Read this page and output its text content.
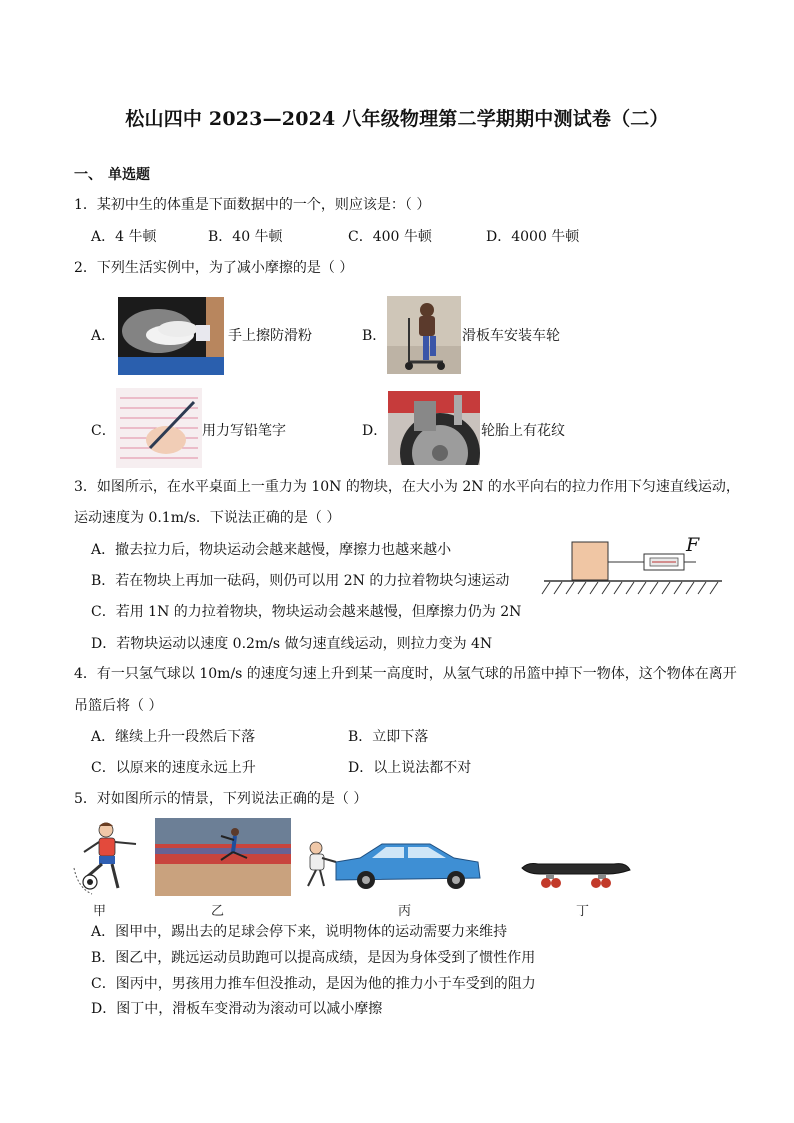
松山四中 2023—2024 八年级物理第二学期期中测试卷（二）
一、 单选题
1．某初中生的体重是下面数据中的一个，则应该是：（ ）
A．4 牛顿	B．40 牛顿	C．400 牛顿	D．4000 牛顿
2．下列生活实例中，为了减小摩擦的是（ ）
A．	手上擦防滑粉	B．	滑板车安装车轮
C．	用力写铅笔字	D．	轮胎上有花纹
3．如图所示，在水平桌面上一重力为 10N 的物块，在大小为 2N 的水平向右的拉力作用下匀速直线运动，
运动速度为 0.1m/s．下说法正确的是（ ）
A．撤去拉力后，物块运动会越来越慢，摩擦力也越来越小
B．若在物块上再加一砝码，则仍可以用 2N 的力拉着物块匀速运动
C．若用 1N 的力拉着物块，物块运动会越来越慢，但摩擦力仍为 2N
D．若物块运动以速度 0.2m/s 做匀速直线运动，则拉力变为 4N
F
4．有一只氢气球以 10m/s 的速度匀速上升到某一高度时，从氢气球的吊篮中掉下一物体，这个物体在离开
吊篮后将（ ）
A．继续上升一段然后下落	B．立即下落
C．以原来的速度永远上升	D．以上说法都不对
5．对如图所示的情景，下列说法正确的是（ ）
甲	乙	丙	丁
A．图甲中，踢出去的足球会停下来，说明物体的运动需要力来维持
B．图乙中，跳远运动员助跑可以提高成绩，是因为身体受到了惯性作用
C．图丙中，男孩用力推车但没推动，是因为他的推力小于车受到的阻力
D．图丁中，滑板车变滑动为滚动可以减小摩擦
